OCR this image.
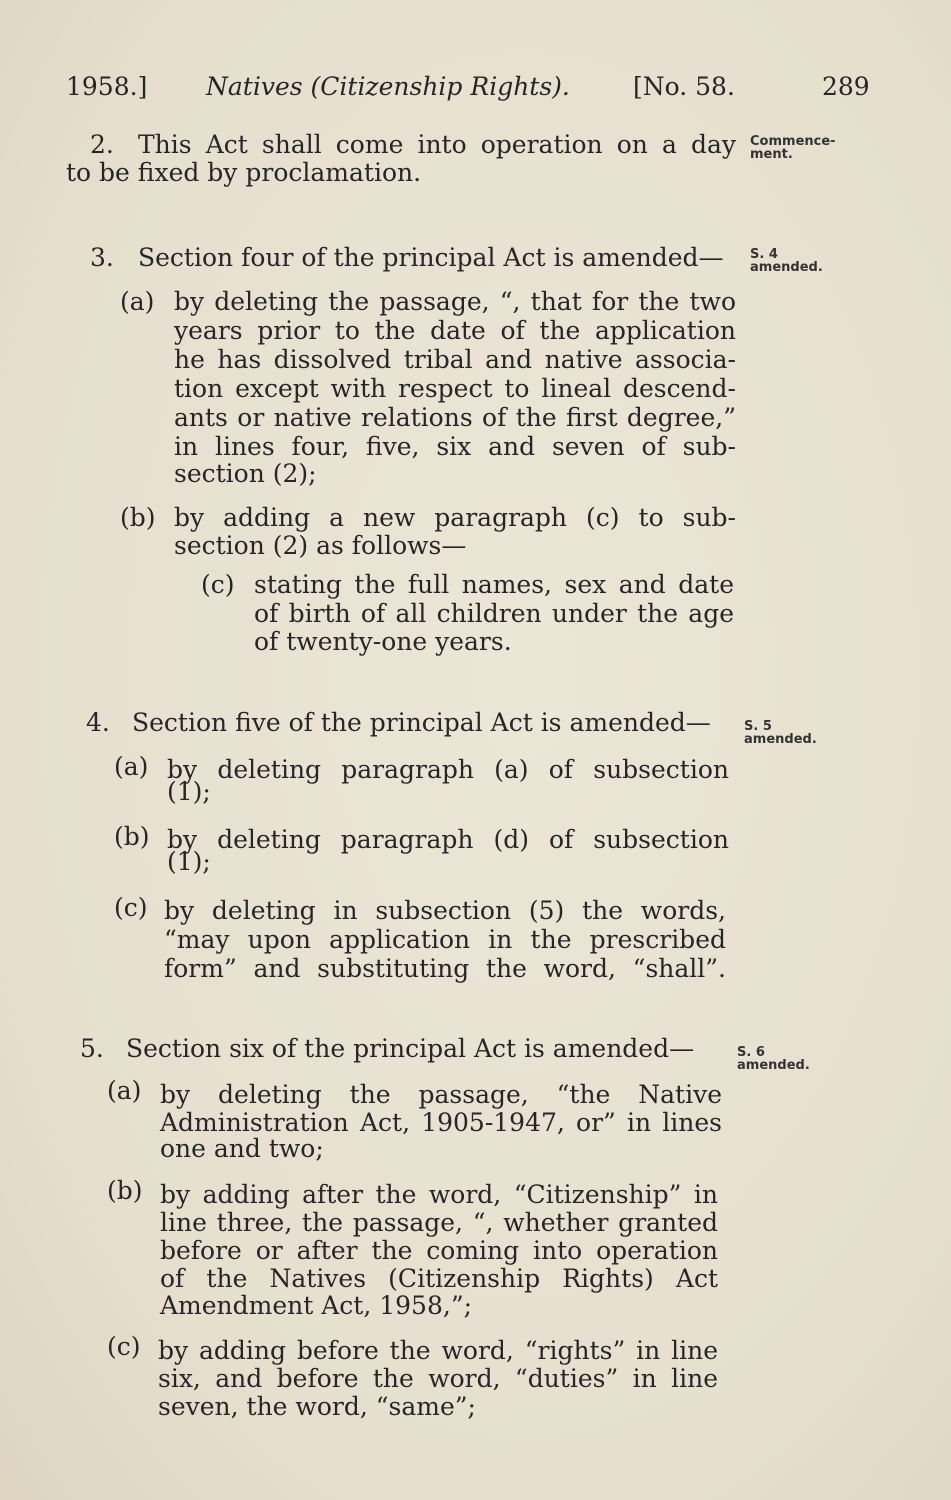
1958.] Natives (Citizenship Rights).	[No. 58.	289
2. This Act shall come into operation on a day
to be fixed by proclamation.
Commence-
ment.
3. Section four of the principal Act is amended— S. 4
amended.
(a) by deleting the passage, “, that for the two
years prior to the date of the application
he has dissolved tribal and native associa-
tion except with respect to lineal descend-
ants or native relations of the first degree,”
in lines four, five, six and seven of sub-
section (2);
(b) by adding a new paragraph (c) to sub-
section (2) as follows—
(c) stating the full names, sex and date
of birth of all children under the age
of twenty-one years.
4. Section five of the principal Act is amended—	S. 5
amended.
(a) by deleting paragraph (a) of subsection
(1);
(b) by deleting paragraph (d) of subsection
(1);
(c) by deleting in subsection (5) the words,
“may upon application in the prescribed
form” and substituting the word, “shall”.
5. Section six of the principal Act is amended—	S. 6
amended.
(a) by deleting the passage, “the Native
Administration Act, 1905-1947, or” in lines
one and two;
(b) by adding after the word, “Citizenship” in
line three, the passage, “, whether granted
before or after the coming into operation
of the Natives (Citizenship Rights) Act
Amendment Act, 1958,”;
(c) by adding before the word, “rights” in line
six, and before the word, “duties” in line
seven, the word, “same”;
